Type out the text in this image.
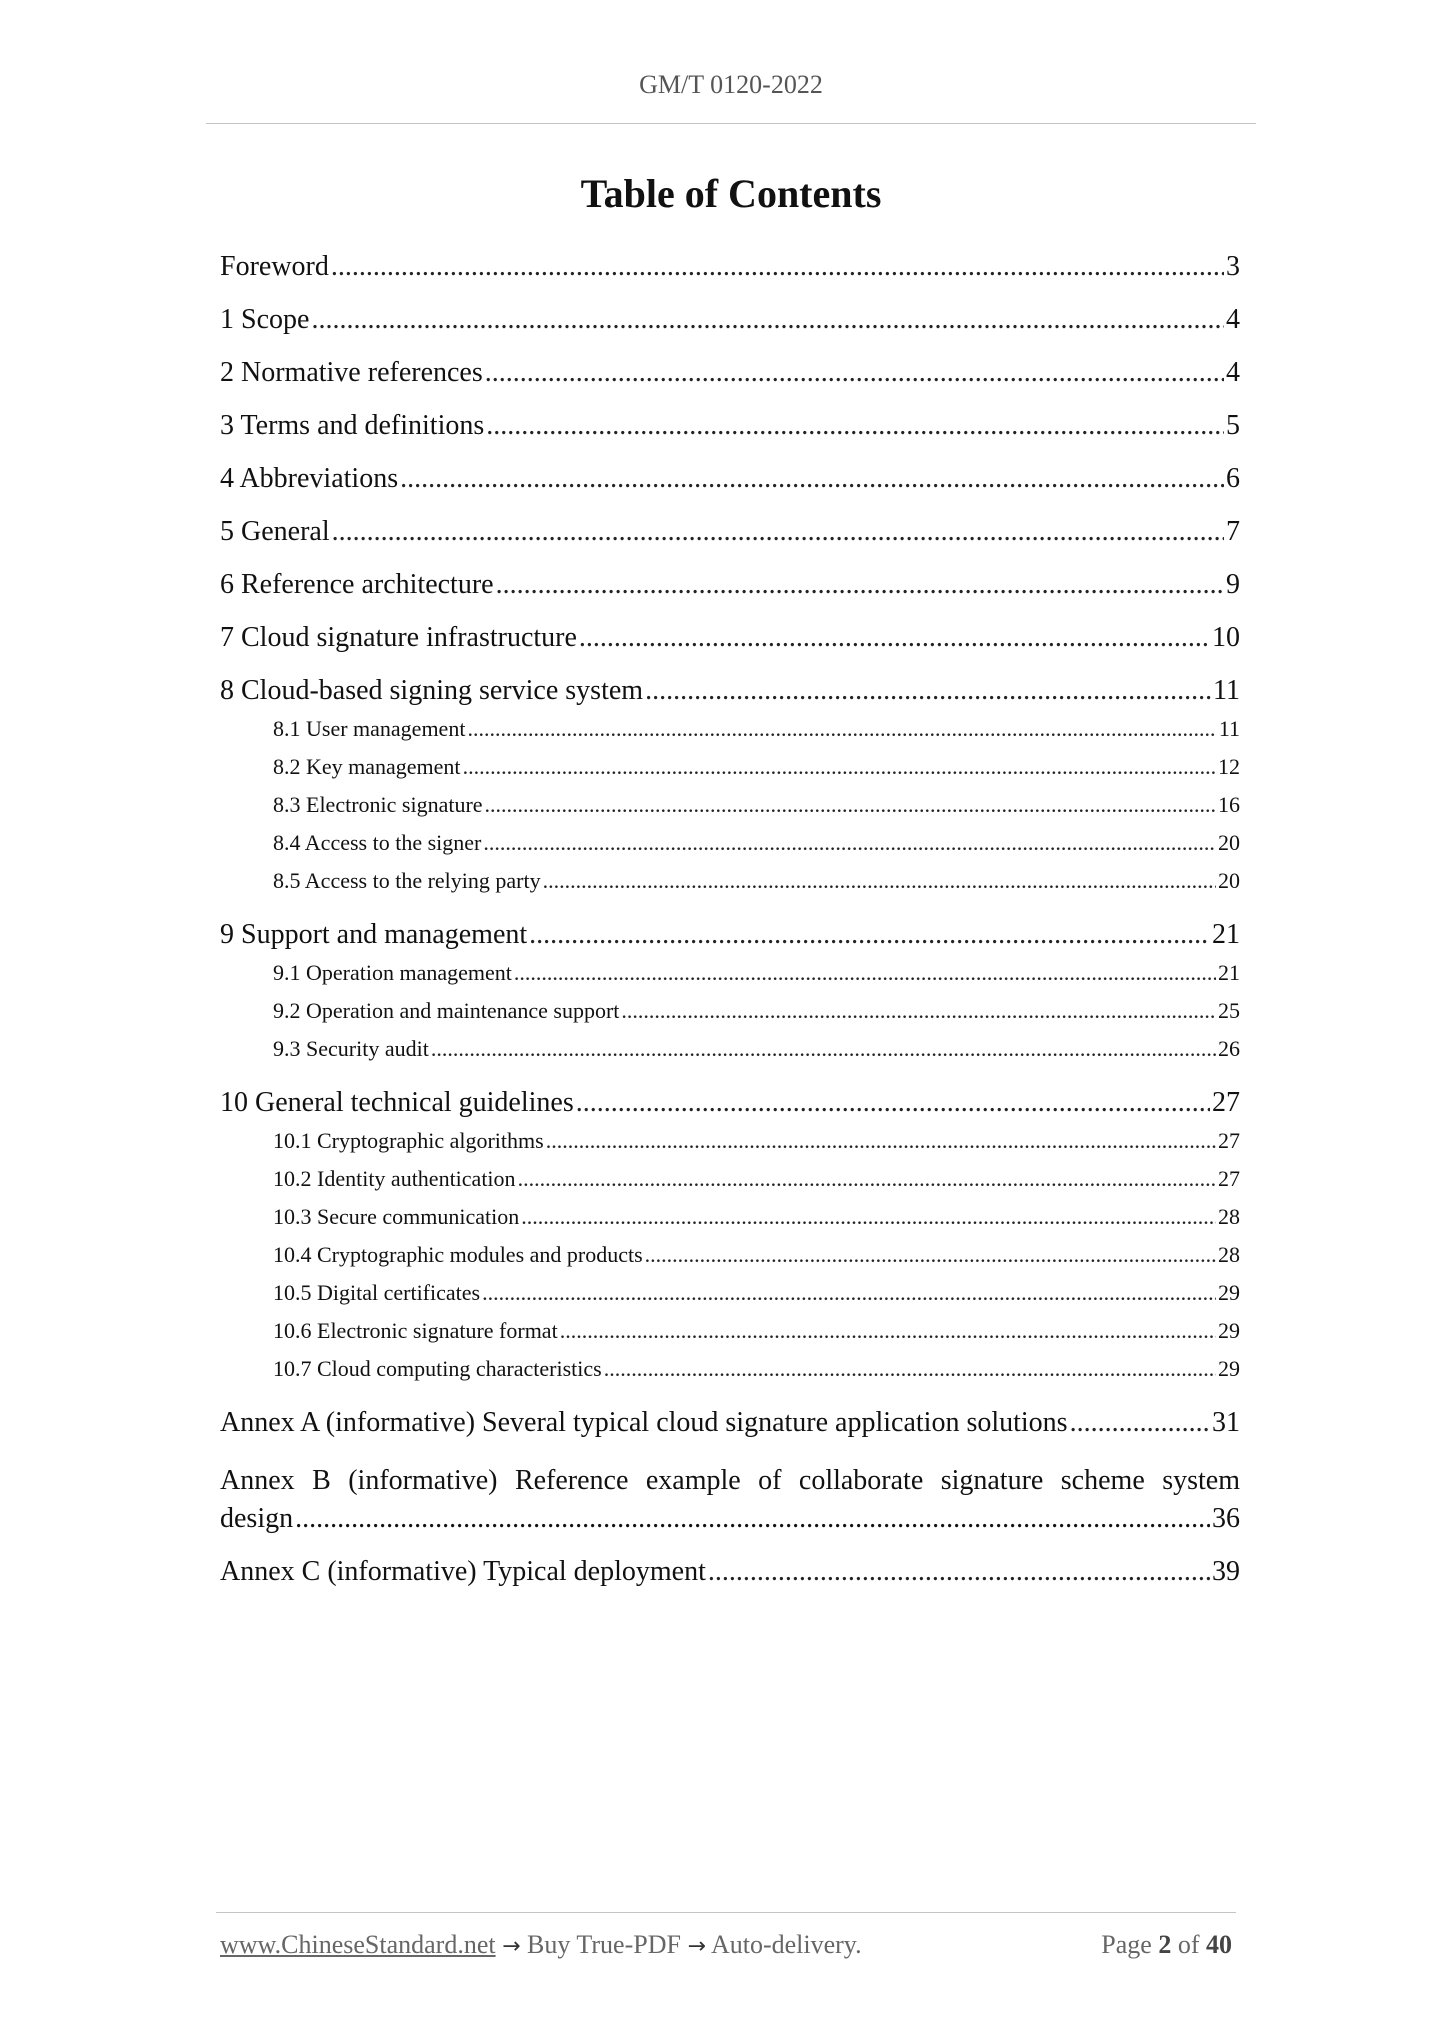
GM/T 0120-2022
Table of Contents
Foreword .....	3
1 Scope .....	4
2 Normative references .....	4
3 Terms and definitions .....	5
4 Abbreviations .....	6
5 General .....	7
6 Reference architecture .....	9
7 Cloud signature infrastructure .....	10
8 Cloud-based signing service system .....	11
8.1 User management .....	11
8.2 Key management .....	12
8.3 Electronic signature .....	16
8.4 Access to the signer .....	20
8.5 Access to the relying party .....	20
9 Support and management .....	21
9.1 Operation management .....	21
9.2 Operation and maintenance support .....	25
9.3 Security audit .....	26
10 General technical guidelines .....	27
10.1 Cryptographic algorithms .....	27
10.2 Identity authentication .....	27
10.3 Secure communication .....	28
10.4 Cryptographic modules and products .....	28
10.5 Digital certificates .....	29
10.6 Electronic signature format .....	29
10.7 Cloud computing characteristics .....	29
Annex A (informative) Several typical cloud signature application solutions .....	31
Annex B (informative) Reference example of collaborate signature scheme system
design .....	36
Annex C (informative) Typical deployment .....	39
www.ChineseStandard.net → Buy True-PDF → Auto-delivery.	Page 2 of 40
